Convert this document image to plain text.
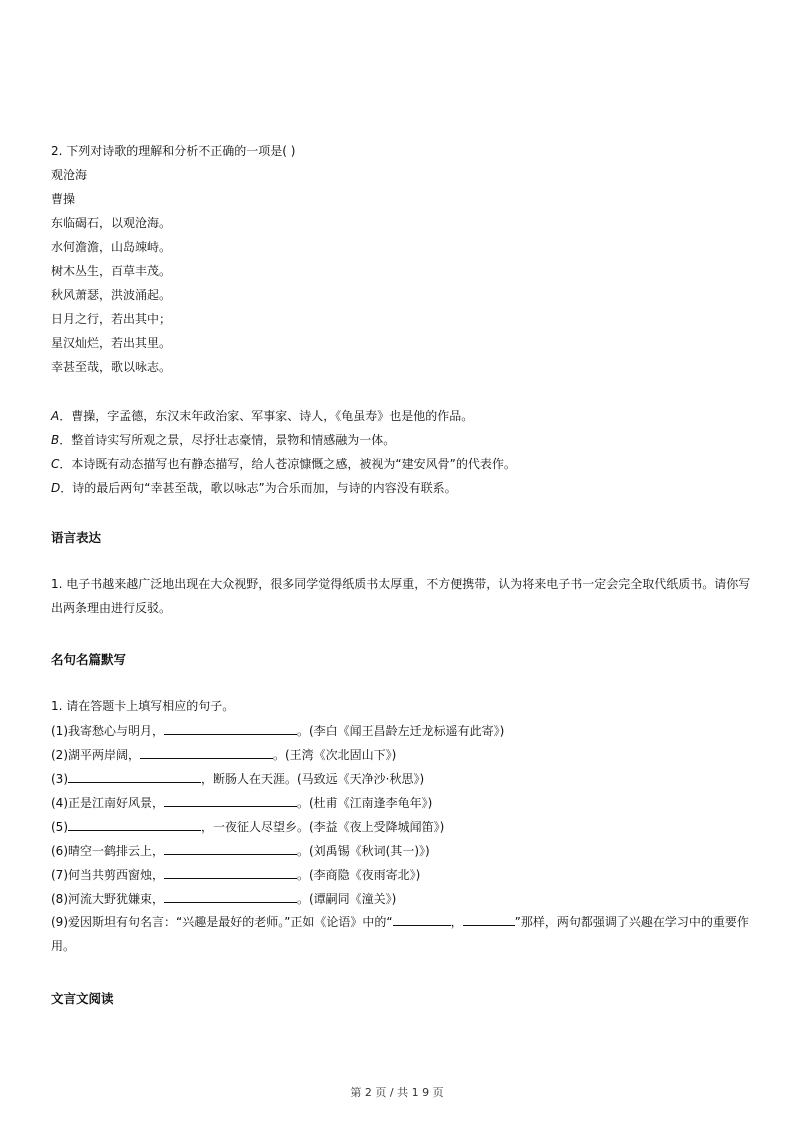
2. 下列对诗歌的理解和分析不正确的一项是( )
观沧海
曹操
东临碣石，以观沧海。
水何澹澹，山岛竦峙。
树木丛生，百草丰茂。
秋风萧瑟，洪波涌起。
日月之行，若出其中；
星汉灿烂，若出其里。
幸甚至哉，歌以咏志。
A．曹操，字孟德，东汉末年政治家、军事家、诗人，《龟虽寿》也是他的作品。
B．整首诗实写所观之景，尽抒壮志豪情，景物和情感融为一体。
C．本诗既有动态描写也有静态描写，给人苍凉慷慨之感，被视为“建安风骨”的代表作。
D．诗的最后两句“幸甚至哉，歌以咏志”为合乐而加，与诗的内容没有联系。
语言表达
1. 电子书越来越广泛地出现在大众视野，很多同学觉得纸质书太厚重，不方便携带，认为将来电子书一定会完全取代纸质书。请你写出两条理由进行反驳。
名句名篇默写
1. 请在答题卡上填写相应的句子。
(1)我寄愁心与明月，	。(李白《闻王昌龄左迁龙标遥有此寄》)
(2)湖平两岸阔，	。(王湾《次北固山下》)
(3)	，断肠人在天涯。(马致远《天净沙·秋思》)
(4)正是江南好风景，	。(杜甫《江南逢李龟年》)
(5)	，一夜征人尽望乡。(李益《夜上受降城闻笛》)
(6)晴空一鹤排云上，	。(刘禹锡《秋词(其一)》)
(7)何当共剪西窗烛，	。(李商隐《夜雨寄北》)
(8)河流大野犹嫌束，	。(谭嗣同《潼关》)
(9)爱因斯坦有句名言：“兴趣是最好的老师。”正如《论语》中的“	，	”那样，两句都强调了兴趣在学习中的重要作用。
文言文阅读
第 2 页 / 共 1 9 页
